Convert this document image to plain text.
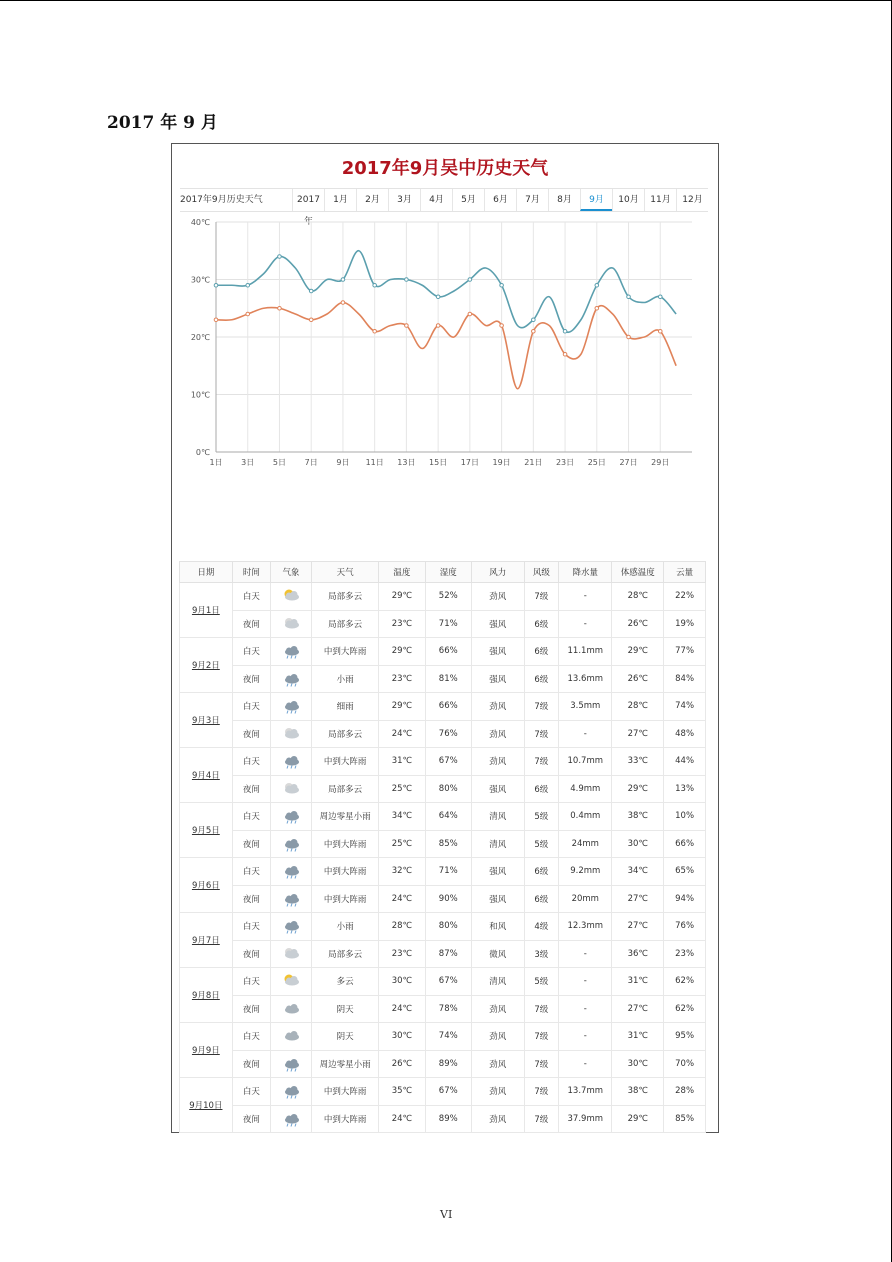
2017 年 9 月
2017年9月吴中历史天气
2017年9月历史天气	2017年
1月	2月	3月	4月	5月	6月	7月	8月	9月	10月	11月	12月
0℃
10℃
20℃
30℃
40℃
1日 3日 5日 7日 9日 11日 13日 15日 17日 19日 21日 23日 25日 27日 29日
日期	时间	气象	天气	温度	湿度	风力	风级	降水量	体感温度	云量
9月1日	白天		局部多云	29℃	52%	劲风	7级	-	28℃	22%
	夜间		局部多云	23℃	71%	强风	6级	-	26℃	19%
9月2日	白天		中到大阵雨	29℃	66%	强风	6级	11.1mm	29℃	77%
	夜间		小雨	23℃	81%	强风	6级	13.6mm	26℃	84%
9月3日	白天		细雨	29℃	66%	劲风	7级	3.5mm	28℃	74%
	夜间		局部多云	24℃	76%	劲风	7级	-	27℃	48%
9月4日	白天		中到大阵雨	31℃	67%	劲风	7级	10.7mm	33℃	44%
	夜间		局部多云	25℃	80%	强风	6级	4.9mm	29℃	13%
9月5日	白天		周边零星小雨	34℃	64%	清风	5级	0.4mm	38℃	10%
	夜间		中到大阵雨	25℃	85%	清风	5级	24mm	30℃	66%
9月6日	白天		中到大阵雨	32℃	71%	强风	6级	9.2mm	34℃	65%
	夜间		中到大阵雨	24℃	90%	强风	6级	20mm	27℃	94%
9月7日	白天		小雨	28℃	80%	和风	4级	12.3mm	27℃	76%
	夜间		局部多云	23℃	87%	微风	3级	-	36℃	23%
9月8日	白天		多云	30℃	67%	清风	5级	-	31℃	62%
	夜间		阴天	24℃	78%	劲风	7级	-	27℃	62%
9月9日	白天		阴天	30℃	74%	劲风	7级	-	31℃	95%
	夜间		周边零星小雨	26℃	89%	劲风	7级	-	30℃	70%
9月10日	白天		中到大阵雨	35℃	67%	劲风	7级	13.7mm	38℃	28%
	夜间		中到大阵雨	24℃	89%	劲风	7级	37.9mm	29℃	85%
VI
